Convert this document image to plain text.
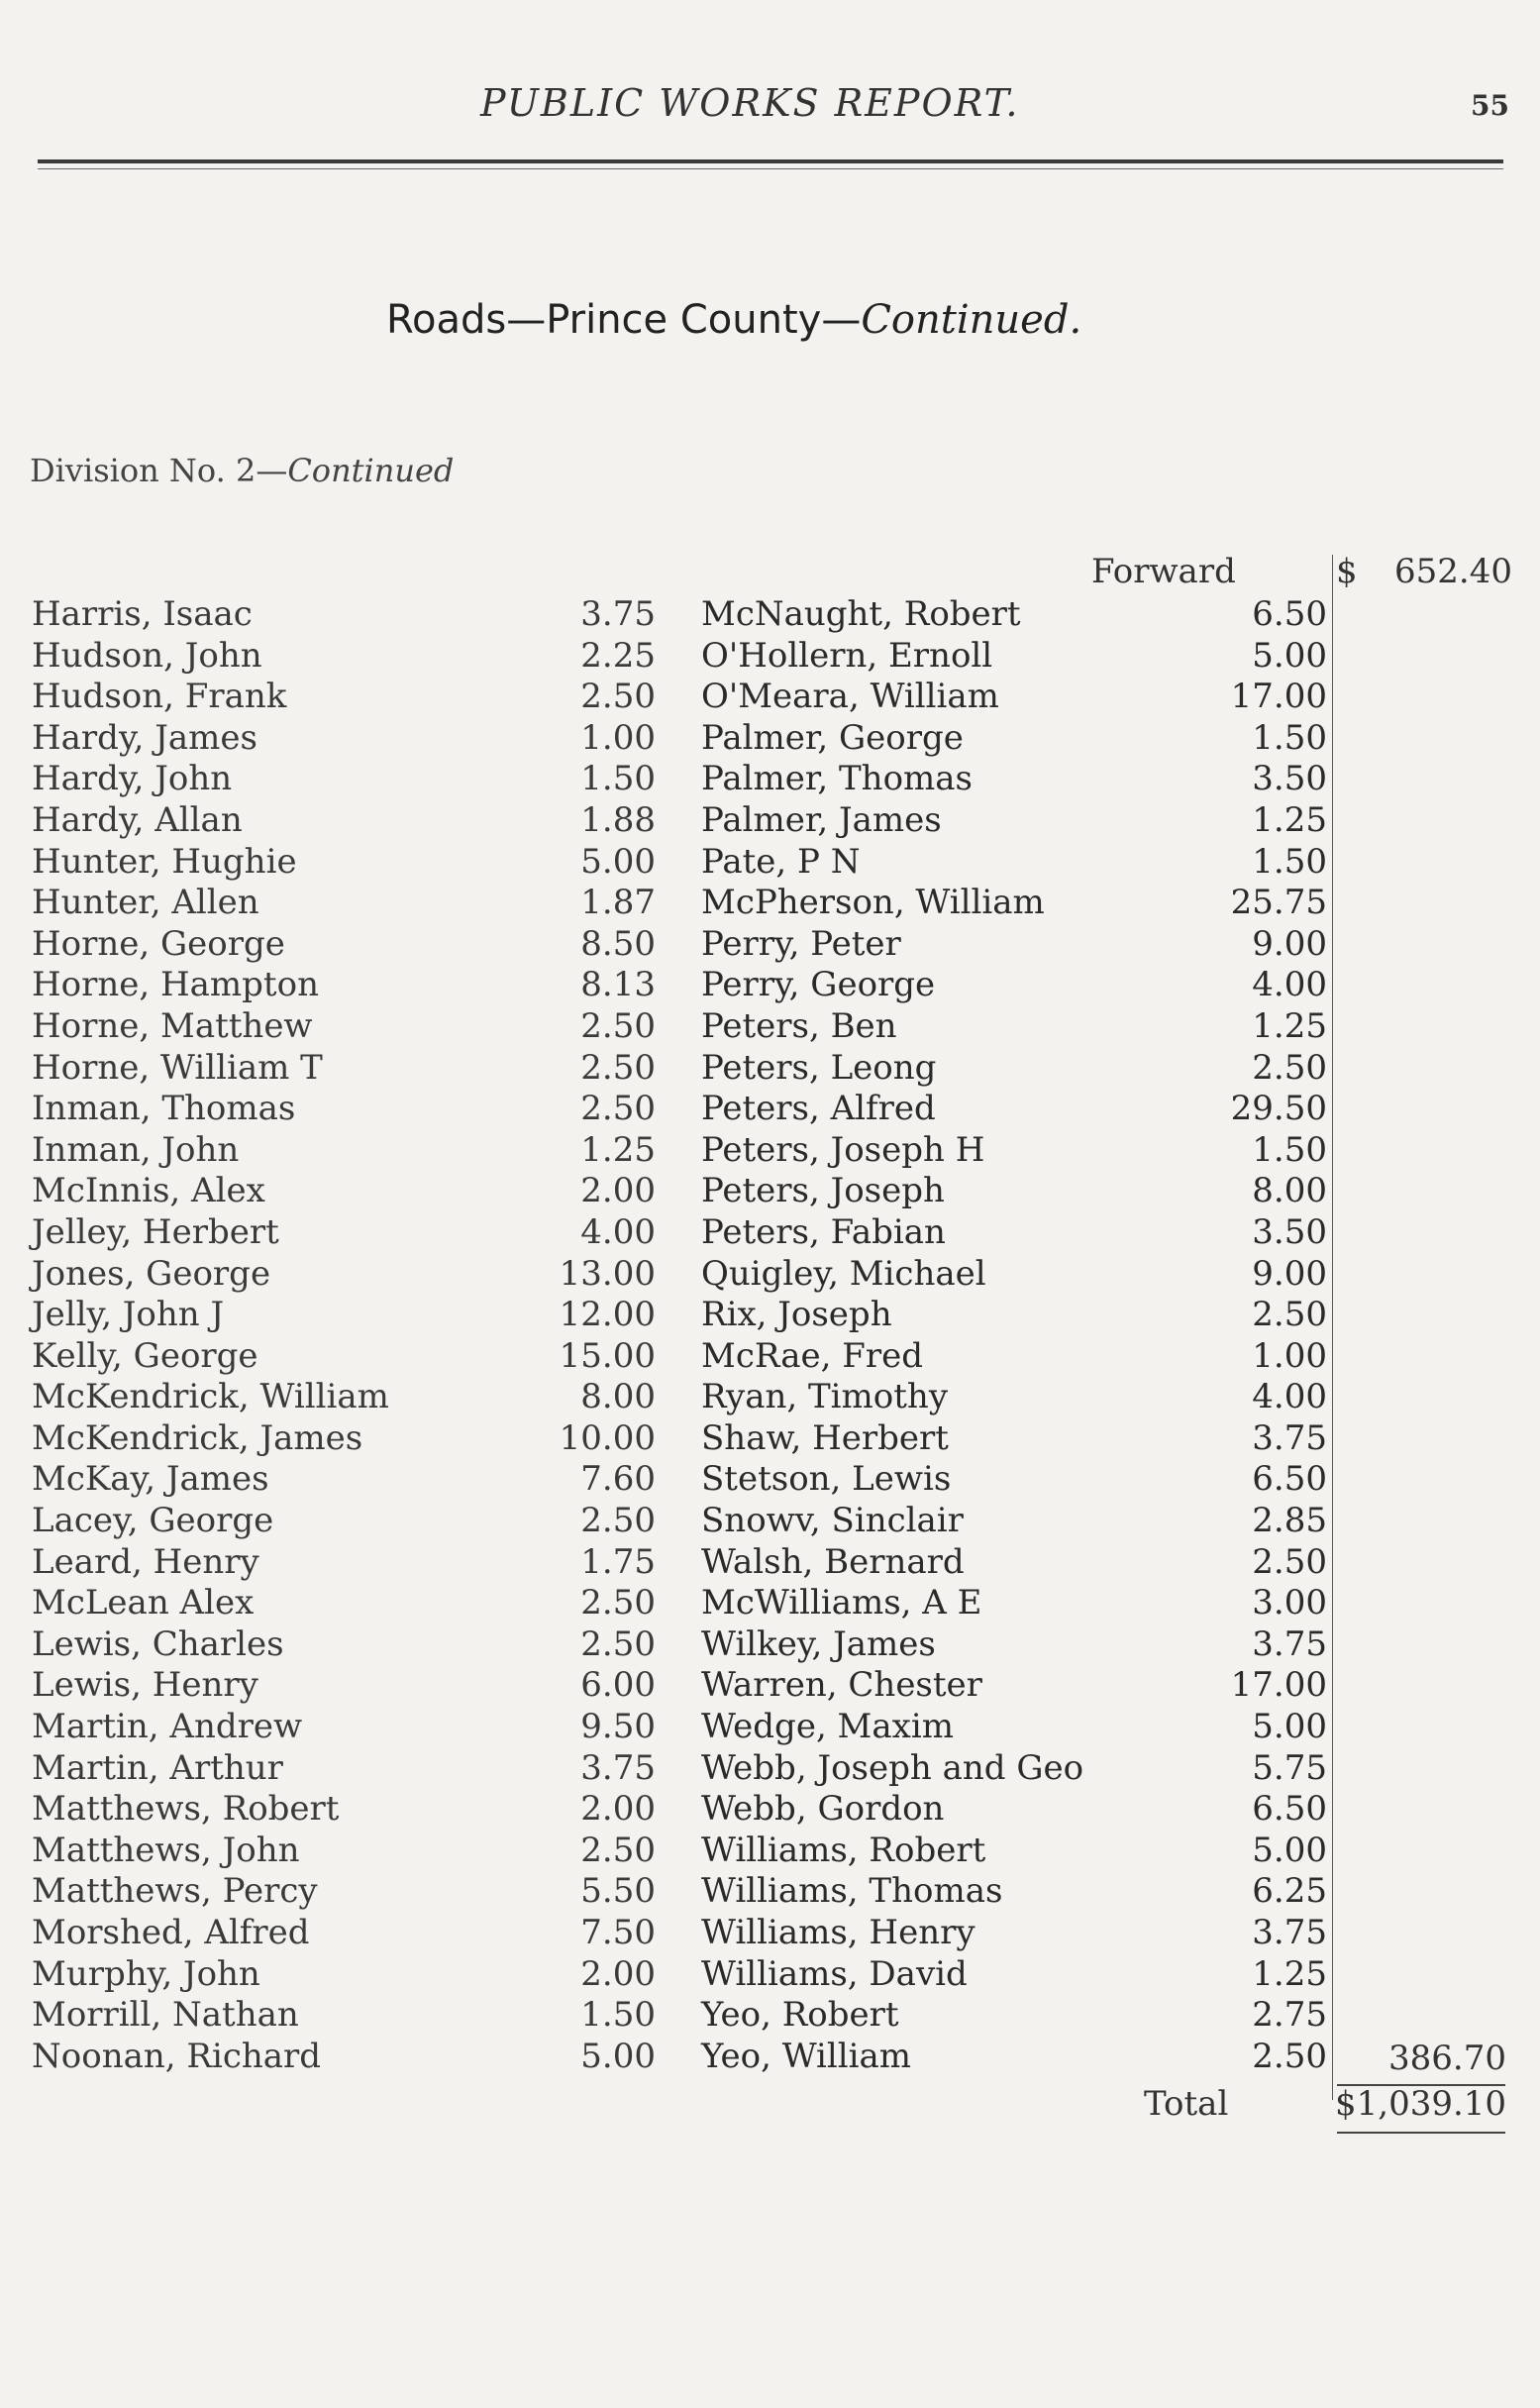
PUBLIC WORKS REPORT.	55
Roads—Prince County—Continued.
Division No. 2—Continued
Forward	$ 652.40
Harris, Isaac	3.75 McNaught, Robert	6.50
Hudson, John	2.25 O'Hollern, Ernoll	5.00
Hudson, Frank	2.50 O'Meara, William	17.00
Hardy, James	1.00 Palmer, George	1.50
Hardy, John	1.50 Palmer, Thomas	3.50
Hardy, Allan	1.88 Palmer, James	1.25
Hunter, Hughie	5.00 Pate, P N	1.50
Hunter, Allen	1.87 McPherson, William	25.75
Horne, George	8.50 Perry, Peter	9.00
Horne, Hampton	8.13 Perry, George	4.00
Horne, Matthew	2.50 Peters, Ben	1.25
Horne, William T	2.50 Peters, Leong	2.50
Inman, Thomas	2.50 Peters, Alfred	29.50
Inman, John	1.25 Peters, Joseph H	1.50
McInnis, Alex	2.00 Peters, Joseph	8.00
Jelley, Herbert	4.00 Peters, Fabian	3.50
Jones, George	13.00 Quigley, Michael	9.00
Jelly, John J	12.00 Rix, Joseph	2.50
Kelly, George	15.00 McRae, Fred	1.00
McKendrick, William	8.00 Ryan, Timothy	4.00
McKendrick, James	10.00 Shaw, Herbert	3.75
McKay, James	7.60 Stetson, Lewis	6.50
Lacey, George	2.50 Snowv, Sinclair	2.85
Leard, Henry	1.75 Walsh, Bernard	2.50
McLean Alex	2.50 McWilliams, A E	3.00
Lewis, Charles	2.50 Wilkey, James	3.75
Lewis, Henry	6.00 Warren, Chester	17.00
Martin, Andrew	9.50 Wedge, Maxim	5.00
Martin, Arthur	3.75 Webb, Joseph and Geo	5.75
Matthews, Robert	2.00 Webb, Gordon	6.50
Matthews, John	2.50 Williams, Robert	5.00
Matthews, Percy	5.50 Williams, Thomas	6.25
Morshed, Alfred	7.50 Williams, Henry	3.75
Murphy, John	2.00 Williams, David	1.25
Morrill, Nathan	1.50 Yeo, Robert	2.75
Noonan, Richard	5.00 Yeo, William	2.50 386.70
Total	$1,039.10
